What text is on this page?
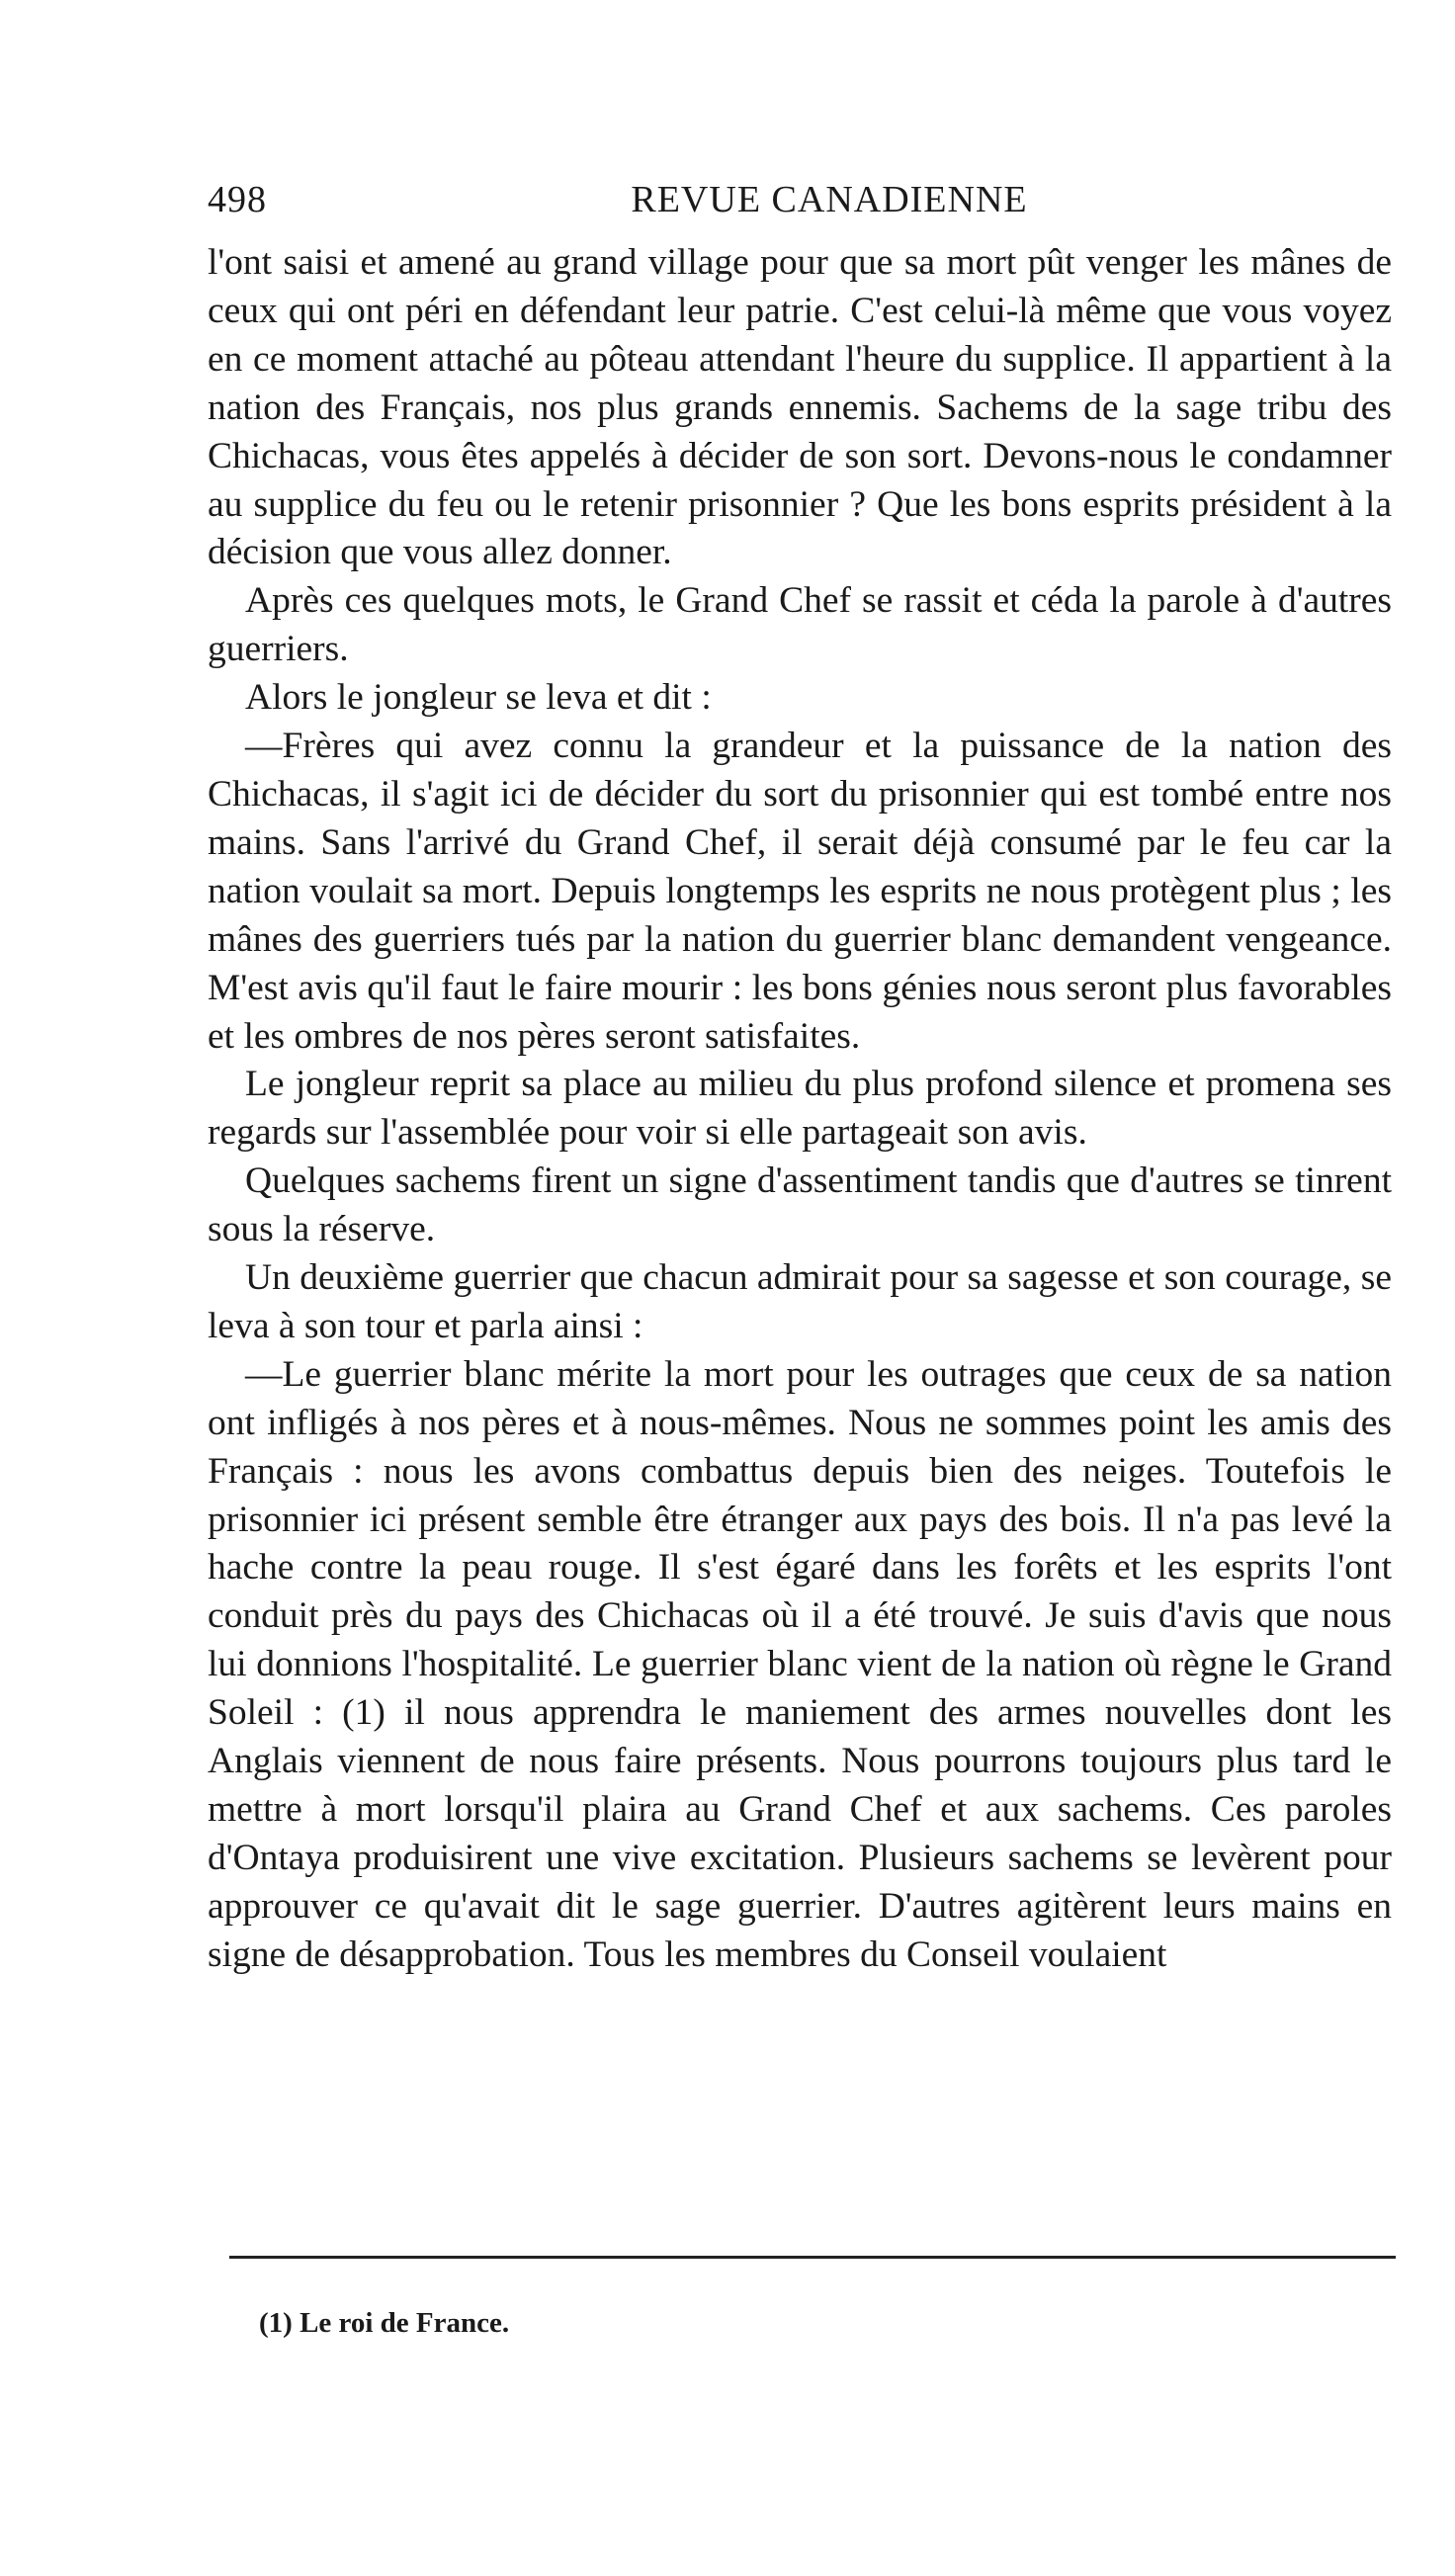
498	REVUE CANADIENNE

l'ont saisi et amené au grand village pour que sa mort pût venger les mânes de ceux qui ont péri en défendant leur patrie. C'est celui-là même que vous voyez en ce moment attaché au pôteau attendant l'heure du supplice. Il appartient à la nation des Français, nos plus grands ennemis. Sachems de la sage tribu des Chichacas, vous êtes appelés à décider de son sort. Devons-nous le condamner au supplice du feu ou le retenir prisonnier ? Que les bons esprits président à la décision que vous allez donner.

Après ces quelques mots, le Grand Chef se rassit et céda la parole à d'autres guerriers.

Alors le jongleur se leva et dit :

—Frères qui avez connu la grandeur et la puissance de la nation des Chichacas, il s'agit ici de décider du sort du prisonnier qui est tombé entre nos mains. Sans l'arrivé du Grand Chef, il serait déjà consumé par le feu car la nation voulait sa mort. Depuis longtemps les esprits ne nous protègent plus ; les mânes des guerriers tués par la nation du guerrier blanc demandent vengeance. M'est avis qu'il faut le faire mourir : les bons génies nous seront plus favorables et les ombres de nos pères seront satisfaites.

Le jongleur reprit sa place au milieu du plus profond silence et promena ses regards sur l'assemblée pour voir si elle partageait son avis.

Quelques sachems firent un signe d'assentiment tandis que d'autres se tinrent sous la réserve.

Un deuxième guerrier que chacun admirait pour sa sagesse et son courage, se leva à son tour et parla ainsi :

—Le guerrier blanc mérite la mort pour les outrages que ceux de sa nation ont infligés à nos pères et à nous-mêmes. Nous ne sommes point les amis des Français : nous les avons combattus depuis bien des neiges. Toutefois le prisonnier ici présent semble être étranger aux pays des bois. Il n'a pas levé la hache contre la peau rouge. Il s'est égaré dans les forêts et les esprits l'ont conduit près du pays des Chichacas où il a été trouvé. Je suis d'avis que nous lui donnions l'hospitalité. Le guerrier blanc vient de la nation où règne le Grand Soleil : (1) il nous apprendra le maniement des armes nouvelles dont les Anglais viennent de nous faire présents. Nous pourrons toujours plus tard le mettre à mort lorsqu'il plaira au Grand Chef et aux sachems. Ces paroles d'Ontaya produisirent une vive excitation. Plusieurs sachems se levèrent pour approuver ce qu'avait dit le sage guerrier. D'autres agitèrent leurs mains en signe de désapprobation. Tous les membres du Conseil voulaient

(1) Le roi de France.
